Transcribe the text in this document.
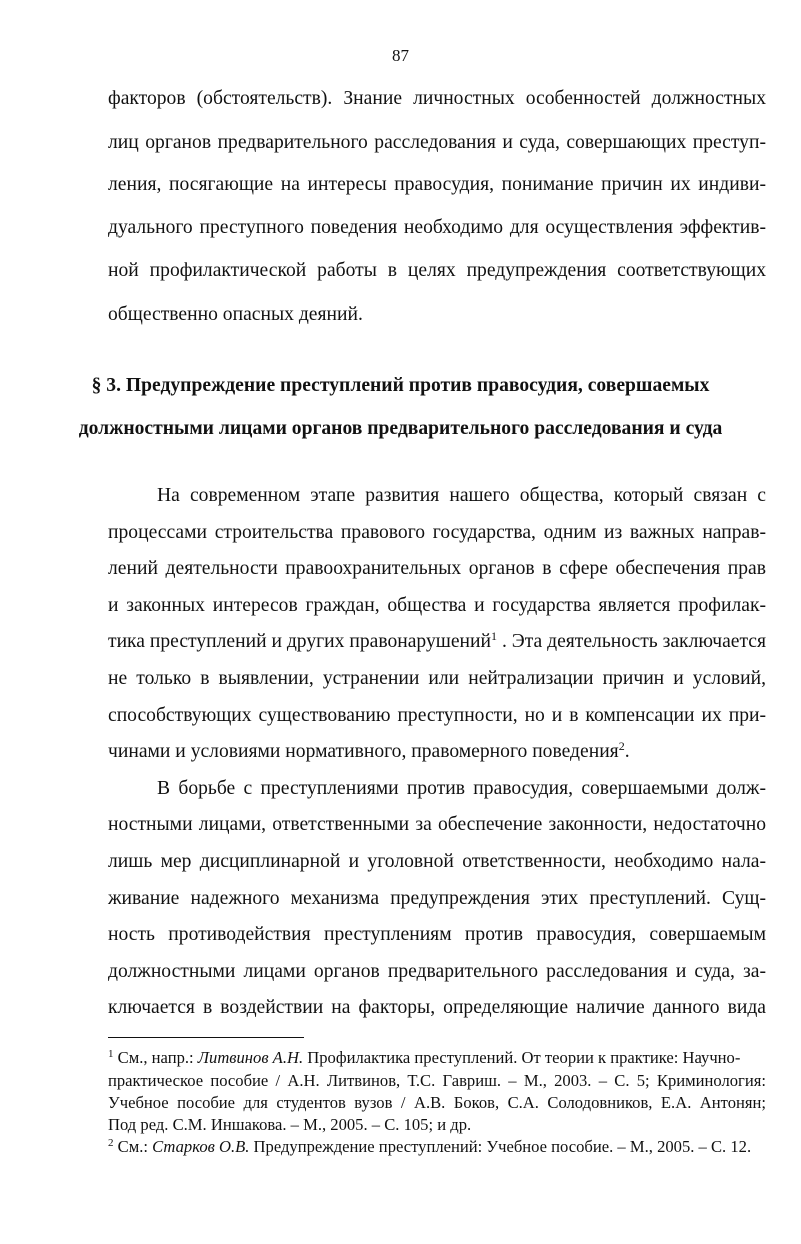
87
факторов (обстоятельств). Знание личностных особенностей должностных
лиц органов предварительного расследования и суда, совершающих преступ-
ления, посягающие на интересы правосудия, понимание причин их индиви-
дуального преступного поведения необходимо для осуществления эффектив-
ной профилактической работы в целях предупреждения соответствующих
общественно опасных деяний.
§ 3. Предупреждение преступлений против правосудия, совершаемых
должностными лицами органов предварительного расследования и суда
На современном этапе развития нашего общества, который связан с
процессами строительства правового государства, одним из важных направ-
лений деятельности правоохранительных органов в сфере обеспечения прав
и законных интересов граждан, общества и государства является профилак-
тика преступлений и других правонарушений$^1$ . Эта деятельность заключается
не только в выявлении, устранении или нейтрализации причин и условий,
способствующих существованию преступности, но и в компенсации их при-
чинами и условиями нормативного, правомерного поведения$^2$.
В борьбе с преступлениями против правосудия, совершаемыми долж-
ностными лицами, ответственными за обеспечение законности, недостаточно
лишь мер дисциплинарной и уголовной ответственности, необходимо нала-
живание надежного механизма предупреждения этих преступлений. Сущ-
ность противодействия преступлениям против правосудия, совершаемым
$^1$ См., напр.: Литвинов А.Н. Профилактика преступлений. От теории к практике: Научно-
практическое пособие / А.Н. Литвинов, Т.С. Гавриш. – М., 2003. – С. 5; Криминология:
Учебное пособие для студентов вузов / А.В. Боков, С.А. Солодовников, Е.А. Антонян;
Под ред. С.М. Иншакова. – М., 2005. – С. 105; и др.
$^2$ См.: Старков О.В. Предупреждение преступлений: Учебное пособие. – М., 2005. – С. 12.
должностными лицами органов предварительного расследования и суда, за-
ключается в воздействии на факторы, определяющие наличие данного вида
